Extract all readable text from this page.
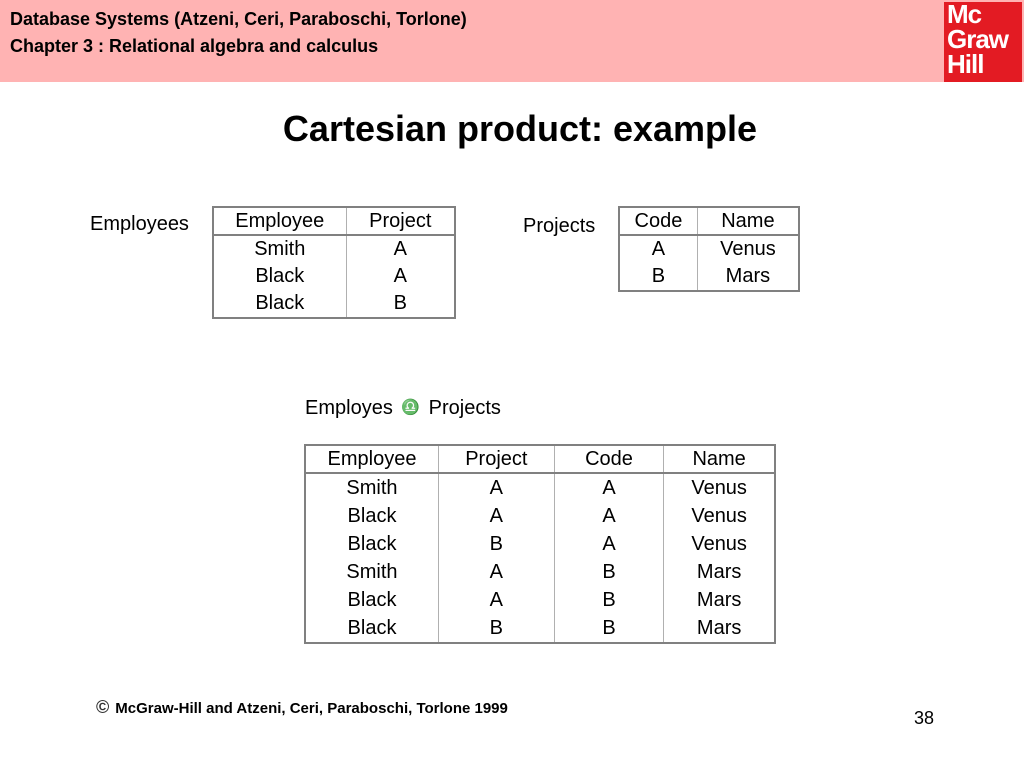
Database Systems (Atzeni, Ceri, Paraboschi, Torlone)
Chapter 3 : Relational algebra and calculus
Mc
Graw
Hill
Cartesian product: example
Employees Employee	Project
Smith	A
Black	A
Black	B
Projects Code	Name
A	Venus
B	Mars
Employes ♎ Projects
Employee	Project	Code	Name
Smith	A	A	Venus
Black	A	A	Venus
Black	B	A	Venus
Smith	A	B	Mars
Black	A	B	Mars
Black	B	B	Mars
© McGraw-Hill and Atzeni, Ceri, Paraboschi, Torlone 1999	38
